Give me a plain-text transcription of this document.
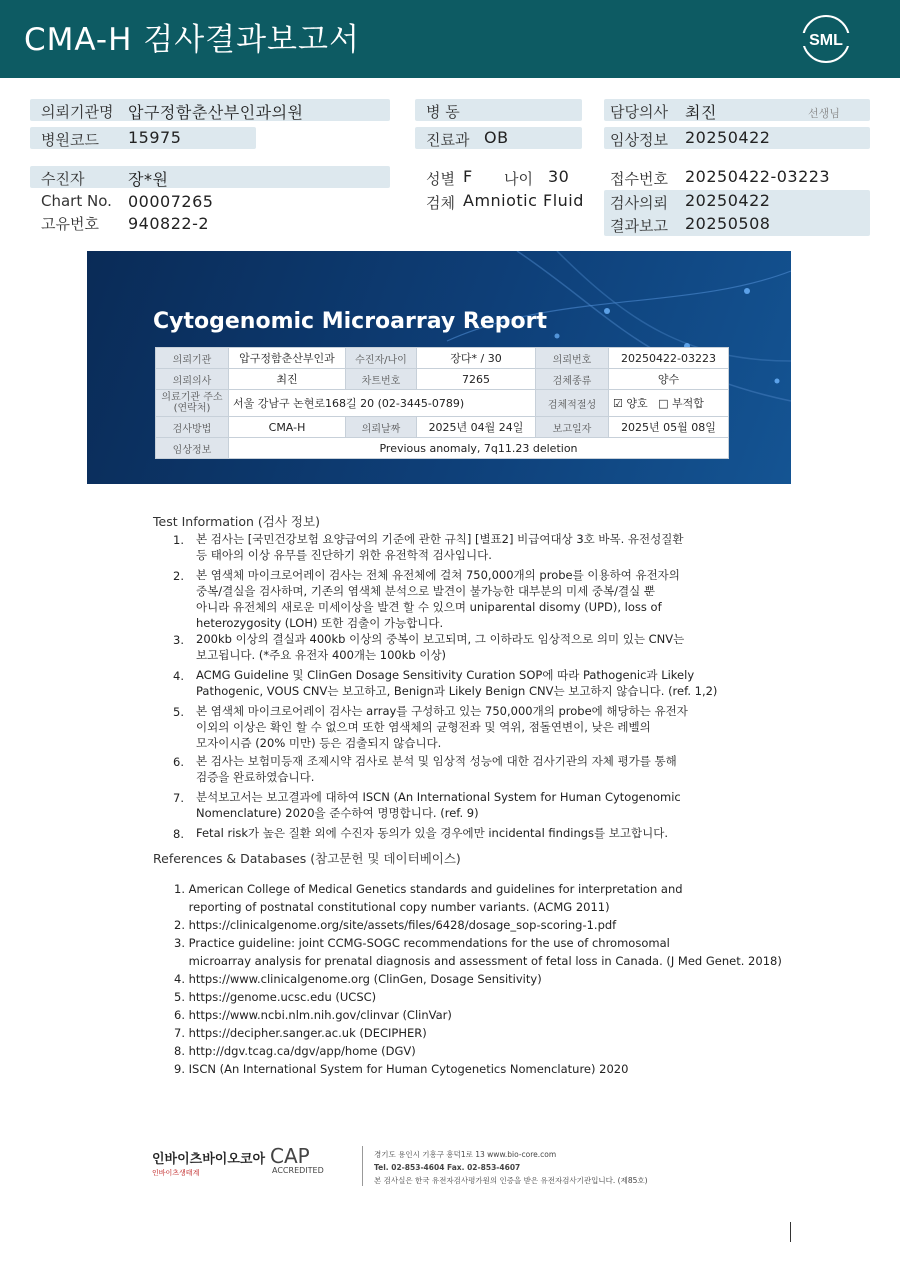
CMA-H 검사결과보고서	SML
의뢰기관명 압구정함춘산부인과의원
병원코드 15975
수진자	장*원
Chart No. 00007265
고유번호 940822-2
병 동
진료과 OB
성별 F 나이 30
검체 Amniotic Fluid
담당의사 최진	선생님
임상정보 20250422
접수번호 20250422-03223
검사의뢰 20250422
결과보고 20250508
Cytogenomic Microarray Report
의뢰기관	압구정함춘산부인과	수진자/나이	장다* / 30	의뢰번호	20250422-03223
의뢰의사	최진	차트번호	7265	검체종류	양수
의료기관 주소
(연락처)	서울 강남구 논현로168길 20 (02-3445-0789)			검체적절성	☑ 양호   □ 부적합
검사방법	CMA-H	의뢰날짜	2025년 04월 24일	보고일자	2025년 05월 08일
임상정보	Previous anomaly, 7q11.23 deletion				
Test Information (검사 정보)
1. 본 검사는 [국민건강보험 요양급여의 기준에 관한 규칙] [별표2] 비급여대상 3호 바목. 유전성질환
등 태아의 이상 유무를 진단하기 위한 유전학적 검사입니다.
2. 본 염색체 마이크로어레이 검사는 전체 유전체에 걸쳐 750,000개의 probe를 이용하여 유전자의
중복/결실을 검사하며, 기존의 염색체 분석으로 발견이 불가능한 대부분의 미세 중복/결실 뿐
아니라 유전체의 새로운 미세이상을 발견 할 수 있으며 uniparental disomy (UPD), loss of
heterozygosity (LOH) 또한 검출이 가능합니다.
3. 200kb 이상의 결실과 400kb 이상의 중복이 보고되며, 그 이하라도 임상적으로 의미 있는 CNV는
보고됩니다. (*주요 유전자 400개는 100kb 이상)
4. ACMG Guideline 및 ClinGen Dosage Sensitivity Curation SOP에 따라 Pathogenic과 Likely
Pathogenic, VOUS CNV는 보고하고, Benign과 Likely Benign CNV는 보고하지 않습니다. (ref. 1,2)
5. 본 염색체 마이크로어레이 검사는 array를 구성하고 있는 750,000개의 probe에 해당하는 유전자
이외의 이상은 확인 할 수 없으며 또한 염색체의 균형전좌 및 역위, 점돌연변이, 낮은 레벨의
모자이시즘 (20% 미만) 등은 검출되지 않습니다.
6. 본 검사는 보험미등재 조제시약 검사로 분석 및 임상적 성능에 대한 검사기관의 자체 평가를 통해
검증을 완료하였습니다.
7. 분석보고서는 보고결과에 대하여 ISCN (An International System for Human Cytogenomic
Nomenclature) 2020을 준수하여 명명합니다. (ref. 9)
8. Fetal risk가 높은 질환 외에 수진자 동의가 있을 경우에만 incidental findings를 보고합니다.
References & Databases (참고문헌 및 데이터베이스)
1. American College of Medical Genetics standards and guidelines for interpretation and
reporting of postnatal constitutional copy number variants. (ACMG 2011)
2. https://clinicalgenome.org/site/assets/files/6428/dosage_sop-scoring-1.pdf
3. Practice guideline: joint CCMG-SOGC recommendations for the use of chromosomal
microarray analysis for prenatal diagnosis and assessment of fetal loss in Canada. (J Med Genet. 2018)
4. https://www.clinicalgenome.org (ClinGen, Dosage Sensitivity)
5. https://genome.ucsc.edu (UCSC)
6. https://www.ncbi.nlm.nih.gov/clinvar (ClinVar)
7. https://decipher.sanger.ac.uk (DECIPHER)
8. http://dgv.tcag.ca/dgv/app/home (DGV)
9. ISCN (An International System for Human Cytogenetics Nomenclature) 2020
인바이츠바이오코아
인바이츠생태계
CAP
ACCREDITED
경기도 용인시 기흥구 흥덕1로 13 www.bio-core.com
Tel. 02-853-4604 Fax. 02-853-4607
본 검사실은 한국 유전자검사평가원의 인증을 받은 유전자검사기관입니다. (제85호)
